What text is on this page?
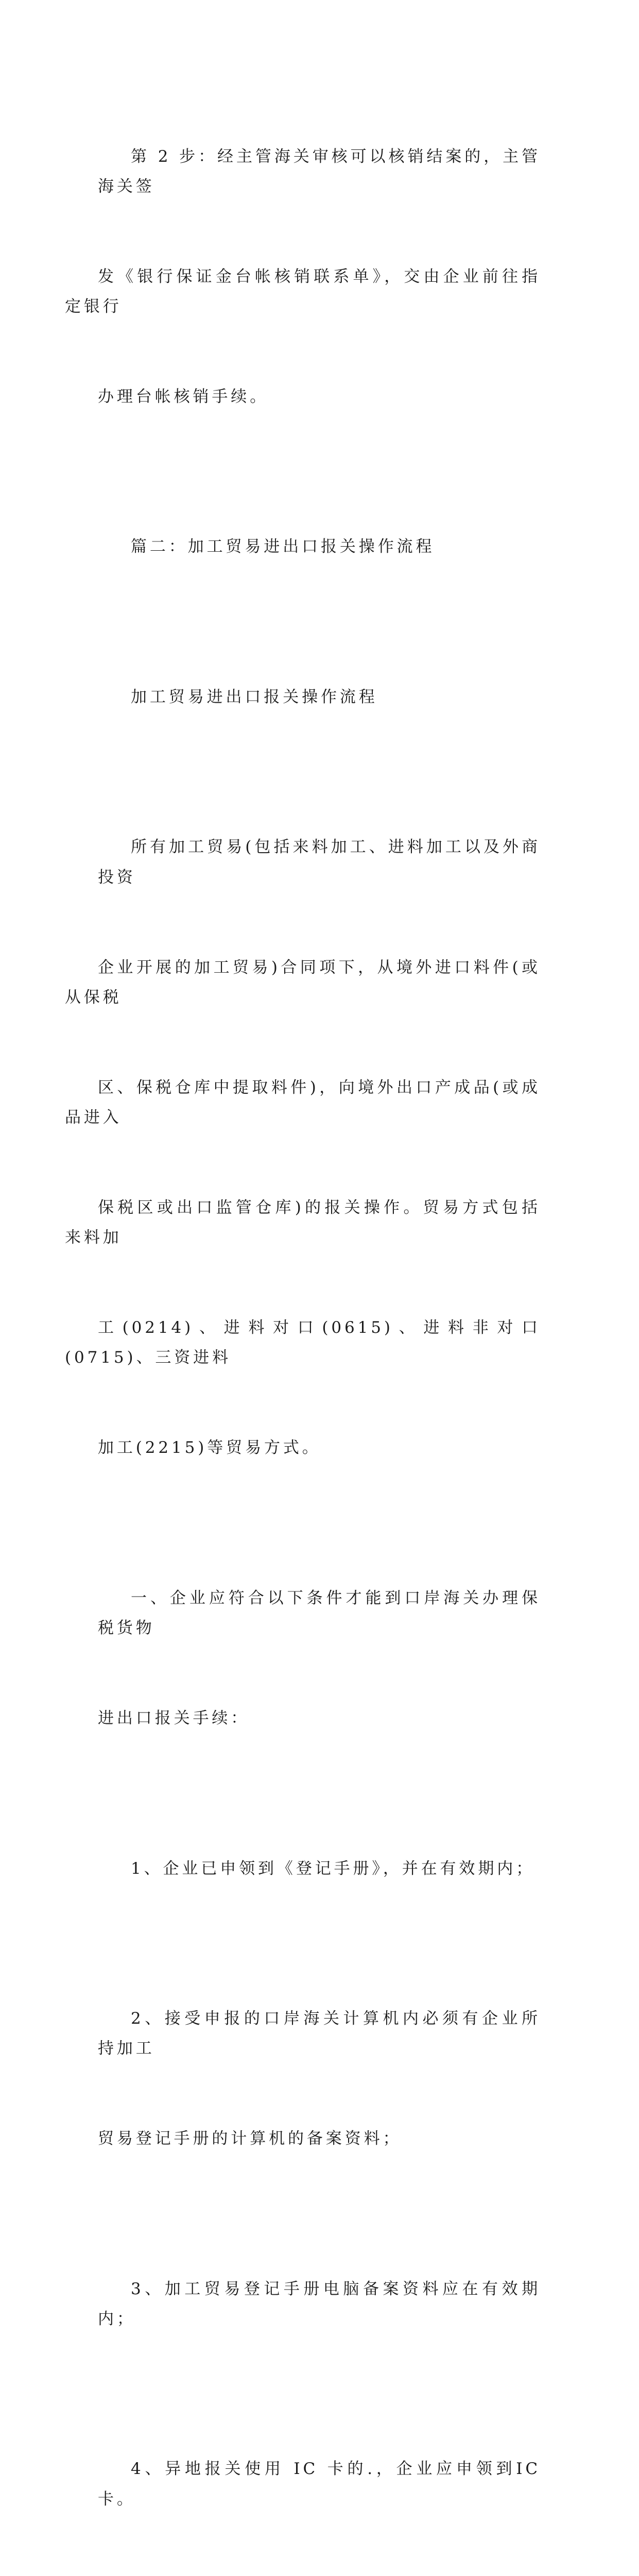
第 2 步：经主管海关审核可以核销结案的，主管海关签

发《银行保证金台帐核销联系单》，交由企业前往指定银行

办理台帐核销手续。

篇二：加工贸易进出口报关操作流程

加工贸易进出口报关操作流程

所有加工贸易(包括来料加工、进料加工以及外商投资

企业开展的加工贸易)合同项下，从境外进口料件(或从保税

区、保税仓库中提取料件)，向境外出口产成品(或成品进入

保税区或出口监管仓库)的报关操作。贸易方式包括来料加

工(0214)、进料对口(0615)、进料非对口(0715)、三资进料

加工(2215)等贸易方式。

一、企业应符合以下条件才能到口岸海关办理保税货物

进出口报关手续：

1、企业已申领到《登记手册》，并在有效期内；

2、接受申报的口岸海关计算机内必须有企业所持加工

贸易登记手册的计算机的备案资料；

3、加工贸易登记手册电脑备案资料应在有效期内；

4、异地报关使用 IC 卡的.，企业应申领到IC 卡。
